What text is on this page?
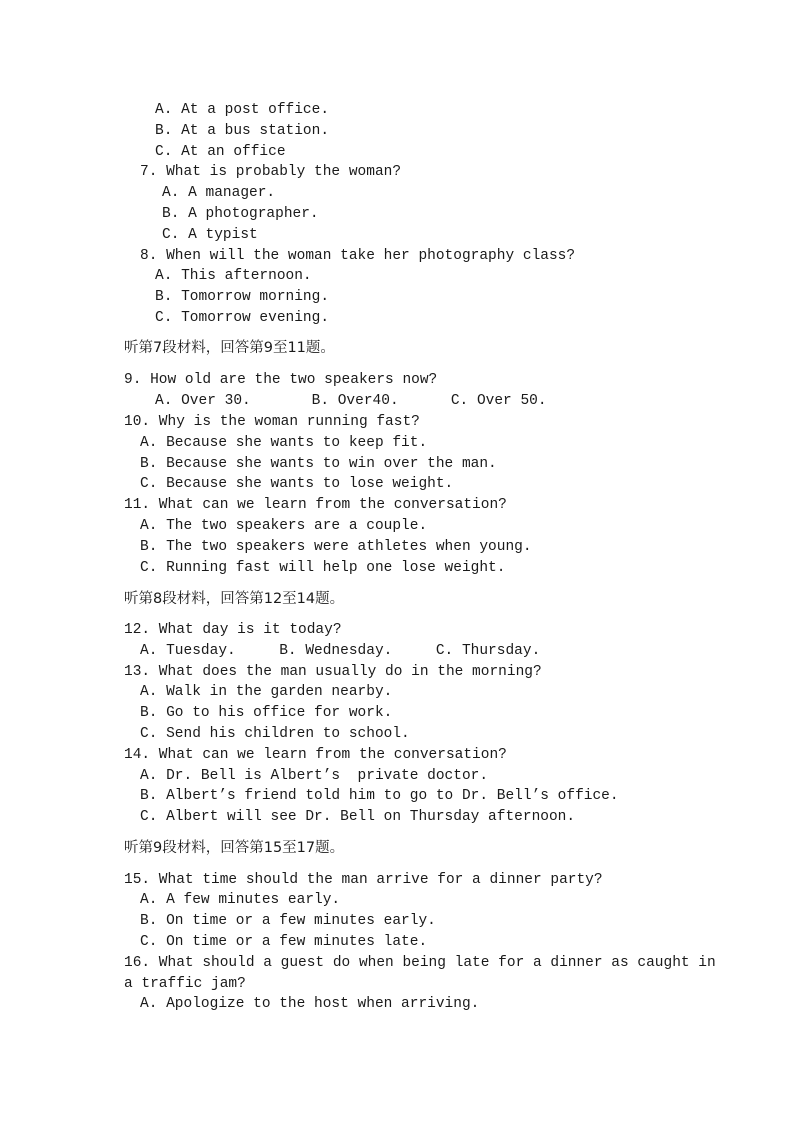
A. At a post office.
B. At a bus station.
C. At an office
7. What is probably the woman?
A. A manager.
B. A photographer.
C. A typist
8. When will the woman take her photography class?
A. This afternoon.
B. Tomorrow morning.
C. Tomorrow evening.
听第7段材料，回答第9至11题。
9. How old are the two speakers now?
A. Over 30.       B. Over40.      C. Over 50.
10. Why is the woman running fast?
A. Because she wants to keep fit.
B. Because she wants to win over the man.
C. Because she wants to lose weight.
11. What can we learn from the conversation?
A. The two speakers are a couple.
B. The two speakers were athletes when young.
C. Running fast will help one lose weight.
听第8段材料，回答第12至14题。
12. What day is it today?
A. Tuesday.     B. Wednesday.     C. Thursday.
13. What does the man usually do in the morning?
A. Walk in the garden nearby.
B. Go to his office for work.
C. Send his children to school.
14. What can we learn from the conversation?
A. Dr. Bell is Albert’s  private doctor.
B. Albert’s friend told him to go to Dr. Bell’s office.
C. Albert will see Dr. Bell on Thursday afternoon.
听第9段材料，回答第15至17题。
15. What time should the man arrive for a dinner party?
A. A few minutes early.
B. On time or a few minutes early.
C. On time or a few minutes late.
16. What should a guest do when being late for a dinner as caught in
a traffic jam?
A. Apologize to the host when arriving.
